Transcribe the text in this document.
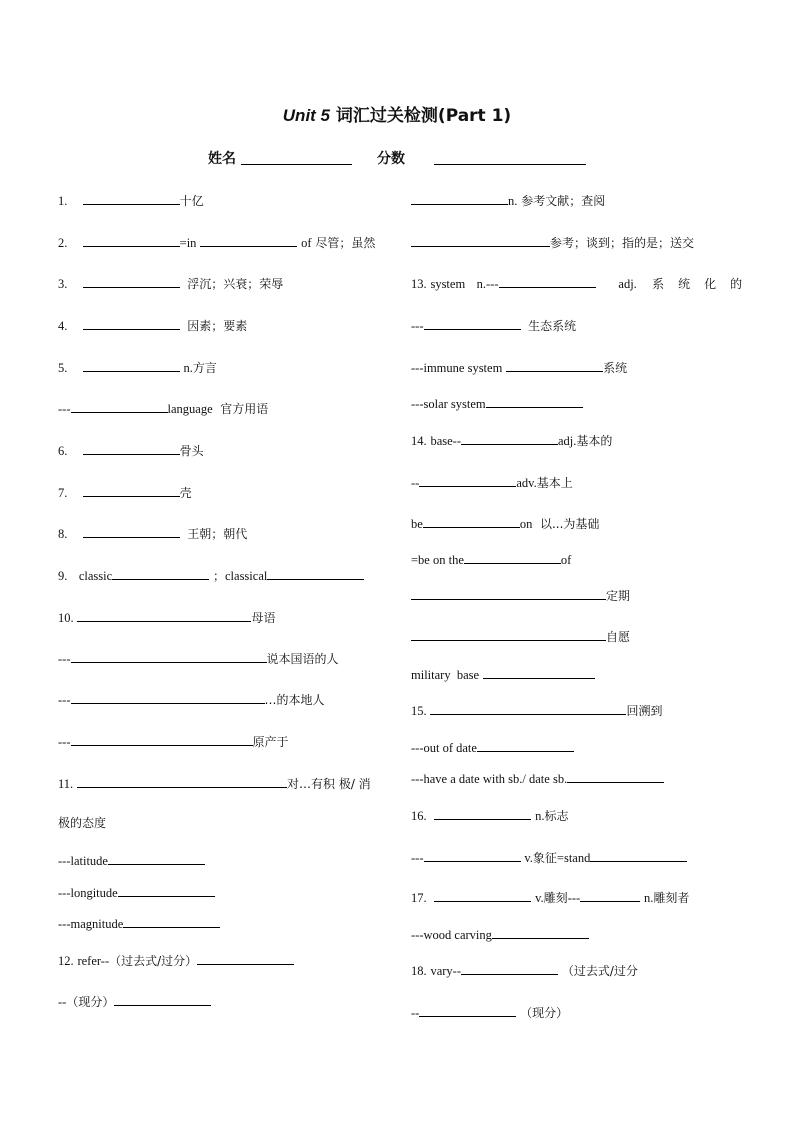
Unit 5 词汇过关检测(Part 1)
姓名	分数
1.	十亿
2.	=in	of 尽管；虽然
3.	浮沉；兴衰；荣辱
4.	因素；要素
5.	n.方言
---	language 官方用语
6.	骨头
7.	壳
8.	王朝；朝代
9. classic	；classical
10.	母语
---	说本国语的人
---	…的本地人
---	原产于
11.	对…有积 极/ 消
极的态度
---latitude
---longitude
---magnitude
12. refer--（过去式/过分）
--（现分）
n. 参考文献；查阅
参考；谈到；指的是；送交
13. system n.---	adj. 系统化的
---	生态系统
---immune system	系统
---solar system
14. base--	adj.基本的
--	adv.基本上
be	on 以...为基础
=be on the	of
定期
自愿
military  base
15.	回溯到
---out of date
---have a date with sb./ date sb.
16.	n.标志
---	v.象征=stand
17.	v.雕刻---	n.雕刻者
---wood carving
18. vary--	（过去式/过分
--	（现分）
